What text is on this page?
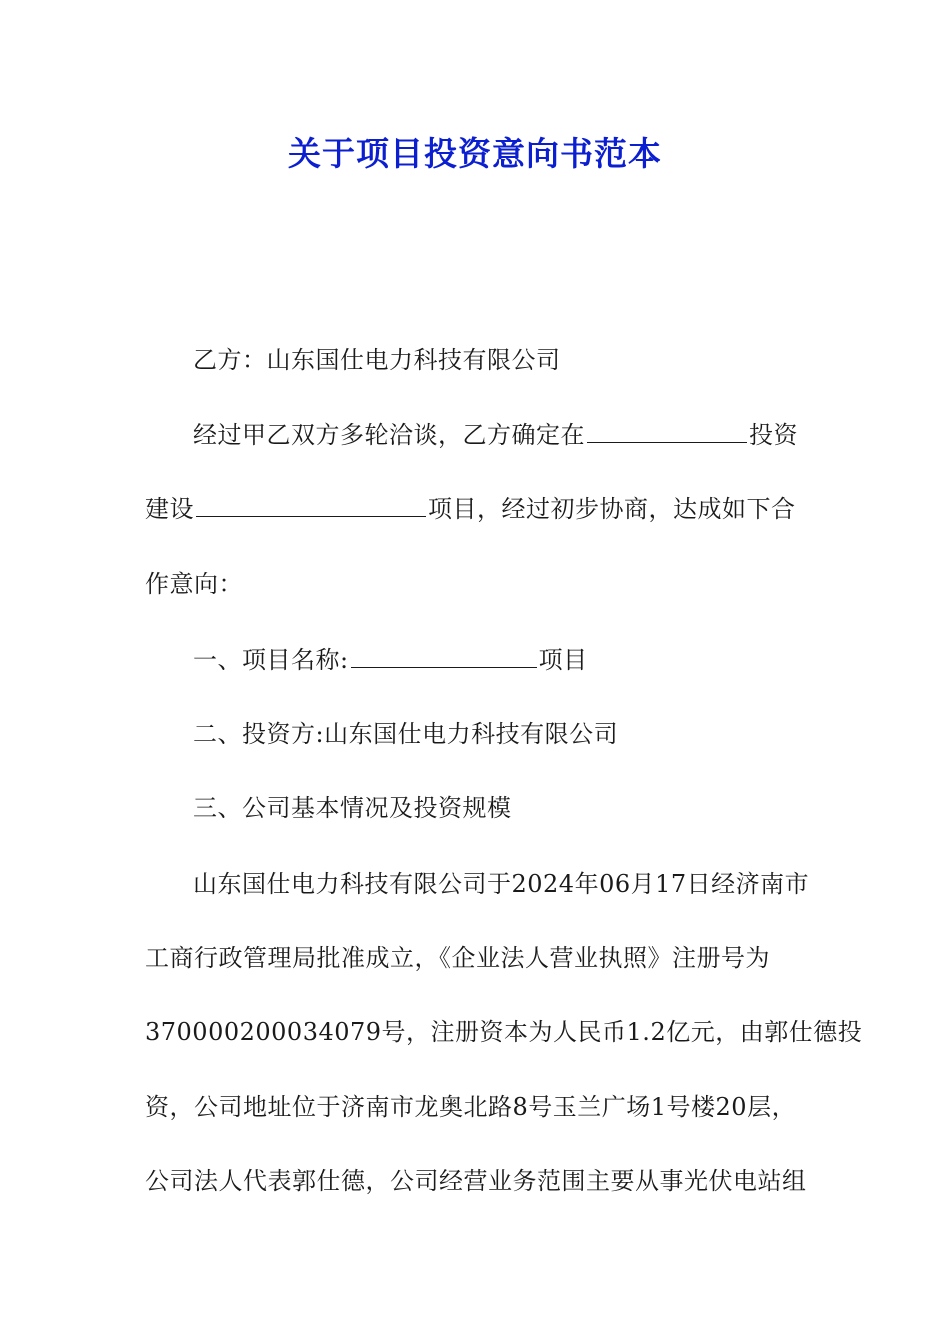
关于项目投资意向书范本
乙方：山东国仕电力科技有限公司
经过甲乙双方多轮洽谈，乙方确定在	投资
建设	项目，经过初步协商，达成如下合
作意向：
一、项目名称:	项目
二、投资方:山东国仕电力科技有限公司
三、公司基本情况及投资规模
山东国仕电力科技有限公司于2024年06月17日经济南市
工商行政管理局批准成立，《企业法人营业执照》注册号为
370000200034079号，注册资本为人民币1.2亿元，由郭仕德投
资，公司地址位于济南市龙奥北路8号玉兰广场1号楼20层，
公司法人代表郭仕德，公司经营业务范围主要从事光伏电站组
